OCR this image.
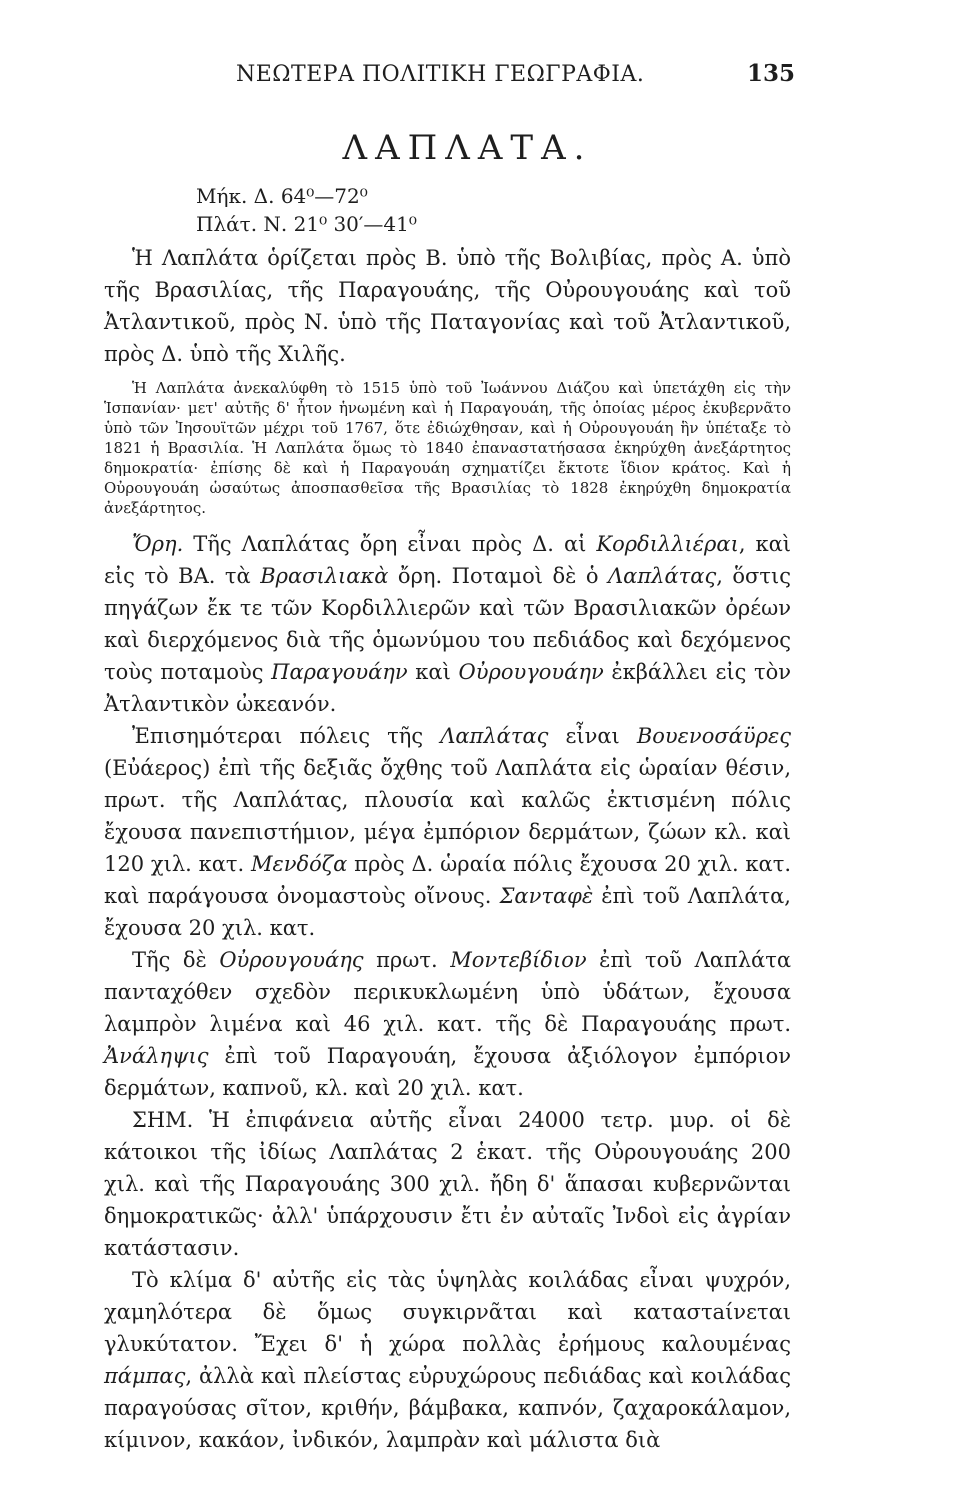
ΝΕΩΤΕΡΑ ΠΟΛΙΤΙΚΗ ΓΕΩΓΡΑΦΙΑ.	135
ΛΑΠΛΑΤΑ.
Μήκ. Δ. 64⁰—72⁰
Πλάτ. Ν. 21⁰ 30′—41⁰

Ἡ Λαπλάτα ὁρίζεται πρὸς Β. ὑπὸ τῆς Βολιβίας, πρὸς Α. ὑπὸ τῆς Βρασιλίας, τῆς Παραγουάης, τῆς Οὐρουγουάης καὶ τοῦ Ἀτλαντικοῦ, πρὸς Ν. ὑπὸ τῆς Παταγονίας καὶ τοῦ Ἀτλαντικοῦ, πρὸς Δ. ὑπὸ τῆς Χιλῆς.

Ἡ Λαπλάτα ἀνεκαλύφθη τὸ 1515 ὑπὸ τοῦ Ἰωάννου Διάζου καὶ ὑπετάχθη εἰς τὴν Ἱσπανίαν· μετ' αὐτῆς δ' ἦτον ἡνωμένη καὶ ἡ Παραγουάη, τῆς ὁποίας μέρος ἐκυβερνᾶτο ὑπὸ τῶν Ἰησουϊτῶν μέχρι τοῦ 1767, ὅτε ἐδιώχθησαν, καὶ ἡ Οὐρουγουάη ἣν ὑπέταξε τὸ 1821 ἡ Βρασιλία. Ἡ Λαπλάτα ὅμως τὸ 1840 ἐπαναστατήσασα ἐκηρύχθη ἀνεξάρτητος δημοκρατία· ἐπίσης δὲ καὶ ἡ Παραγουάη σχηματίζει ἔκτοτε ἴδιον κράτος. Καὶ ἡ Οὐρουγουάη ὡσαύτως ἀποσπασθεῖσα τῆς Βρασιλίας τὸ 1828 ἐκηρύχθη δημοκρατία ἀνεξάρτητος.

Ὄρη. Τῆς Λαπλάτας ὄρη εἶναι πρὸς Δ. αἱ Κορδιλλιέραι, καὶ εἰς τὸ ΒΑ. τὰ Βρασιλιακὰ ὄρη. Ποταμοὶ δὲ ὁ Λαπλάτας, ὅστις πηγάζων ἔκ τε τῶν Κορδιλλιερῶν καὶ τῶν Βρασιλιακῶν ὀρέων καὶ διερχόμενος διὰ τῆς ὁμωνύμου του πεδιάδος καὶ δεχόμενος τοὺς ποταμοὺς Παραγουάην καὶ Οὐρουγουάην ἐκβάλλει εἰς τὸν Ἀτλαντικὸν ὠκεανόν.

Ἐπισημότεραι πόλεις τῆς Λαπλάτας εἶναι Βουενοσάϋρες (Εὐάερος) ἐπὶ τῆς δεξιᾶς ὄχθης τοῦ Λαπλάτα εἰς ὡραίαν θέσιν, πρωτ. τῆς Λαπλάτας, πλουσία καὶ καλῶς ἐκτισμένη πόλις ἔχουσα πανεπιστήμιον, μέγα ἐμπόριον δερμάτων, ζώων κλ. καὶ 120 χιλ. κατ. Μενδόζα πρὸς Δ. ὡραία πόλις ἔχουσα 20 χιλ. κατ. καὶ παράγουσα ὀνομαστοὺς οἴνους. Σανταφὲ ἐπὶ τοῦ Λαπλάτα, ἔχουσα 20 χιλ. κατ.

Τῆς δὲ Οὐρουγουάης πρωτ. Μοντεβίδιον ἐπὶ τοῦ Λαπλάτα πανταχόθεν σχεδὸν περικυκλωμένη ὑπὸ ὑδάτων, ἔχουσα λαμπρὸν λιμένα καὶ 46 χιλ. κατ. τῆς δὲ Παραγουάης πρωτ. Ἀνάληψις ἐπὶ τοῦ Παραγουάη, ἔχουσα ἀξιόλογον ἐμπόριον δερμάτων, καπνοῦ, κλ. καὶ 20 χιλ. κατ.

ΣΗΜ. Ἡ ἐπιφάνεια αὐτῆς εἶναι 24000 τετρ. μυρ. οἱ δὲ κάτοικοι τῆς ἰδίως Λαπλάτας 2 ἑκατ. τῆς Οὐρουγουάης 200 χιλ. καὶ τῆς Παραγουάης 300 χιλ. ἤδη δ' ἅπασαι κυβερνῶνται δημοκρατικῶς· ἀλλ' ὑπάρχουσιν ἔτι ἐν αὐταῖς Ἰνδοὶ εἰς ἀγρίαν κατάστασιν.

Τὸ κλίμα δ' αὐτῆς εἰς τὰς ὑψηλὰς κοιλάδας εἶναι ψυχρόν, χαμηλότερα δὲ ὅμως συγκιρνᾶται καὶ καταστaίνεται γλυκύτατον. Ἔχει δ' ἡ χώρα πολλὰς ἐρήμους καλουμένας πάμπας, ἀλλὰ καὶ πλείστας εὐρυχώρους πεδιάδας καὶ κοιλάδας παραγούσας σῖτον, κριθήν, βάμβακα, καπνόν, ζαχαροκάλαμον, κίμινον, κακάον, ἰνδικόν, λαμπρὰν καὶ μάλιστα διὰ
